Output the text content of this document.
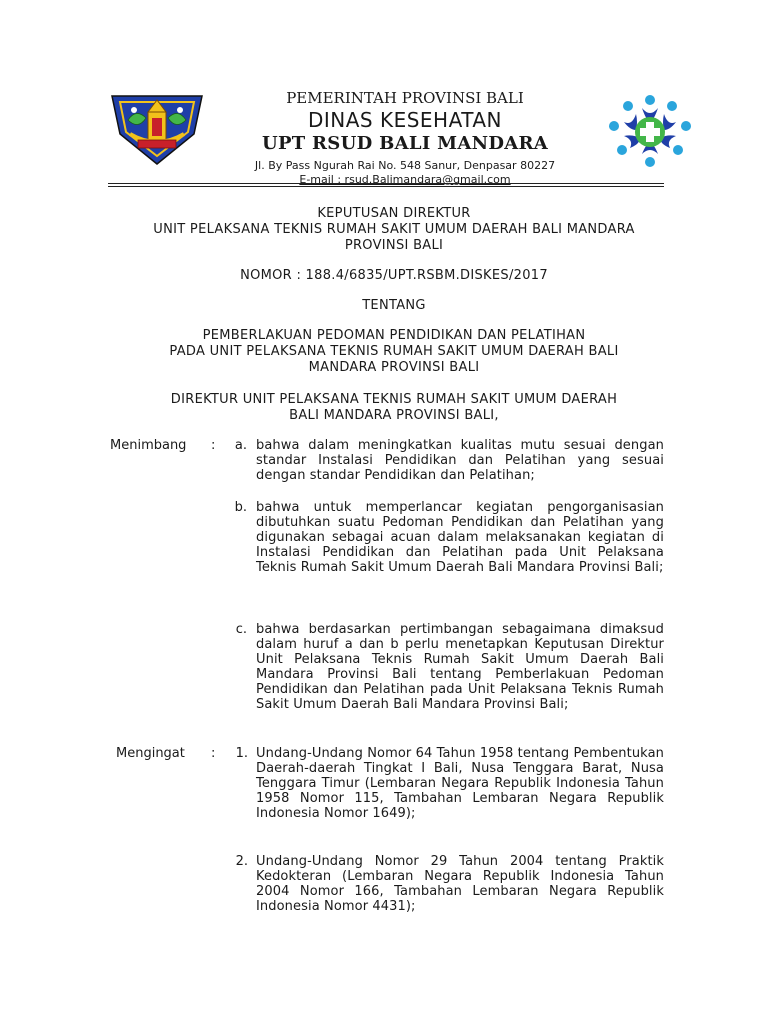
PEMERINTAH PROVINSI BALI
DINAS KESEHATAN
UPT RSUD BALI MANDARA
Jl. By Pass Ngurah Rai No. 548 Sanur, Denpasar 80227
E-mail : rsud.Balimandara@gmail.com
KEPUTUSAN DIREKTUR
UNIT PELAKSANA TEKNIS RUMAH SAKIT UMUM DAERAH BALI MANDARA
PROVINSI BALI
NOMOR : 188.4/6835/UPT.RSBM.DISKES/2017
TENTANG
PEMBERLAKUAN PEDOMAN PENDIDIKAN DAN PELATIHAN
PADA UNIT PELAKSANA TEKNIS RUMAH SAKIT UMUM DAERAH BALI
MANDARA PROVINSI BALI
DIREKTUR UNIT PELAKSANA TEKNIS RUMAH SAKIT UMUM DAERAH
BALI MANDARA PROVINSI BALI,
Menimbang :	a. bahwa dalam meningkatkan kualitas mutu sesuai dengan standar Instalasi Pendidikan dan Pelatihan yang sesuai dengan standar Pendidikan dan Pelatihan;
b. bahwa untuk memperlancar kegiatan pengorganisasian dibutuhkan suatu Pedoman Pendidikan dan Pelatihan yang digunakan sebagai acuan dalam melaksanakan kegiatan di Instalasi Pendidikan dan Pelatihan pada Unit Pelaksana Teknis Rumah Sakit Umum Daerah Bali Mandara Provinsi Bali;
c. bahwa berdasarkan pertimbangan sebagaimana dimaksud dalam huruf a dan b perlu menetapkan Keputusan Direktur Unit Pelaksana Teknis Rumah Sakit Umum Daerah Bali Mandara Provinsi Bali tentang Pemberlakuan Pedoman Pendidikan dan Pelatihan pada Unit Pelaksana Teknis Rumah Sakit Umum Daerah Bali Mandara Provinsi Bali;
Mengingat :	1. Undang-Undang Nomor 64 Tahun 1958 tentang Pembentukan Daerah-daerah Tingkat I Bali, Nusa Tenggara Barat, Nusa Tenggara Timur (Lembaran Negara Republik Indonesia Tahun 1958 Nomor 115, Tambahan Lembaran Negara Republik Indonesia Nomor 1649);
2. Undang-Undang Nomor 29 Tahun 2004 tentang Praktik Kedokteran (Lembaran Negara Republik Indonesia Tahun 2004 Nomor 166, Tambahan Lembaran Negara Republik Indonesia Nomor 4431);
